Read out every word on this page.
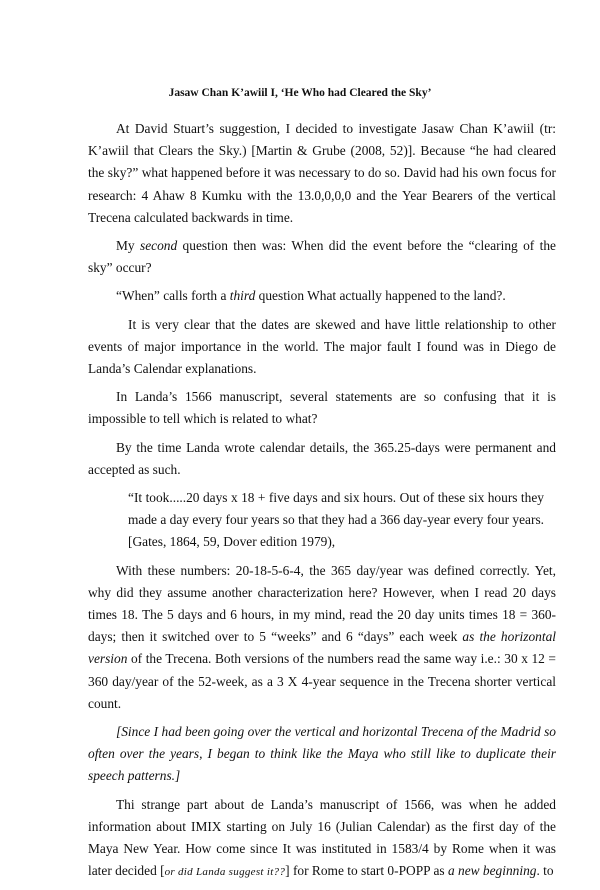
Jasaw Chan K’awiil I, ‘He Who had Cleared the Sky’

At David Stuart’s suggestion, I decided to investigate Jasaw Chan K’awiil (tr: K’awiil that Clears the Sky.) [Martin & Grube (2008, 52)]. Because “he had cleared the sky?” what happened before it was necessary to do so. David had his own focus for research: 4 Ahaw 8 Kumku with the 13.0,0,0,0 and the Year Bearers of the vertical Trecena calculated backwards in time.

My second question then was: When did the event before the “clearing of the sky” occur?

“When” calls forth a third question What actually happened to the land?.

It is very clear that the dates are skewed and have little relationship to other events of major importance in the world. The major fault I found was in Diego de Landa’s Calendar explanations.

In Landa’s 1566 manuscript, several statements are so confusing that it is impossible to tell which is related to what?

By the time Landa wrote calendar details, the 365.25-days were permanent and accepted as such.

“It took.....20 days x 18 + five days and six hours. Out of these six hours they made a day every four years so that they had a 366 day-year every four years. [Gates, 1864, 59, Dover edition 1979),

With these numbers: 20-18-5-6-4, the 365 day/year was defined correctly. Yet, why did they assume another characterization here? However, when I read 20 days times 18. The 5 days and 6 hours, in my mind, read the 20 day units times 18 = 360-days; then it switched over to 5 “weeks” and 6 “days” each week as the horizontal version of the Trecena. Both versions of the numbers read the same way i.e.: 30 x 12 = 360 day/year of the 52-week, as a 3 X 4-year sequence in the Trecena shorter vertical count.

[Since I had been going over the vertical and horizontal Trecena of the Madrid so often over the years, I began to think like the Maya who still like to duplicate their speech patterns.]

Thi strange part about de Landa’s manuscript of 1566, was when he added information about IMIX starting on July 16 (Julian Calendar) as the first day of the Maya New Year. How come since It was instituted in 1583/4 by Rome when it was later decided [or did Landa suggest it??] for Rome to start 0-POPP as a new beginning. to
